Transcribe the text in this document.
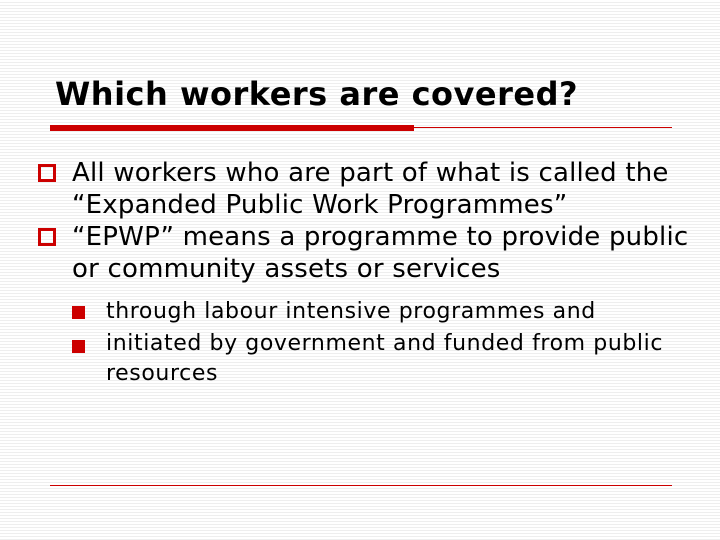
Which workers are covered?
All workers who are part of what is called the “Expanded Public Work Programmes”
“EPWP” means a programme to provide public or community assets or services
through labour intensive programmes and
initiated by government and funded from public resources
